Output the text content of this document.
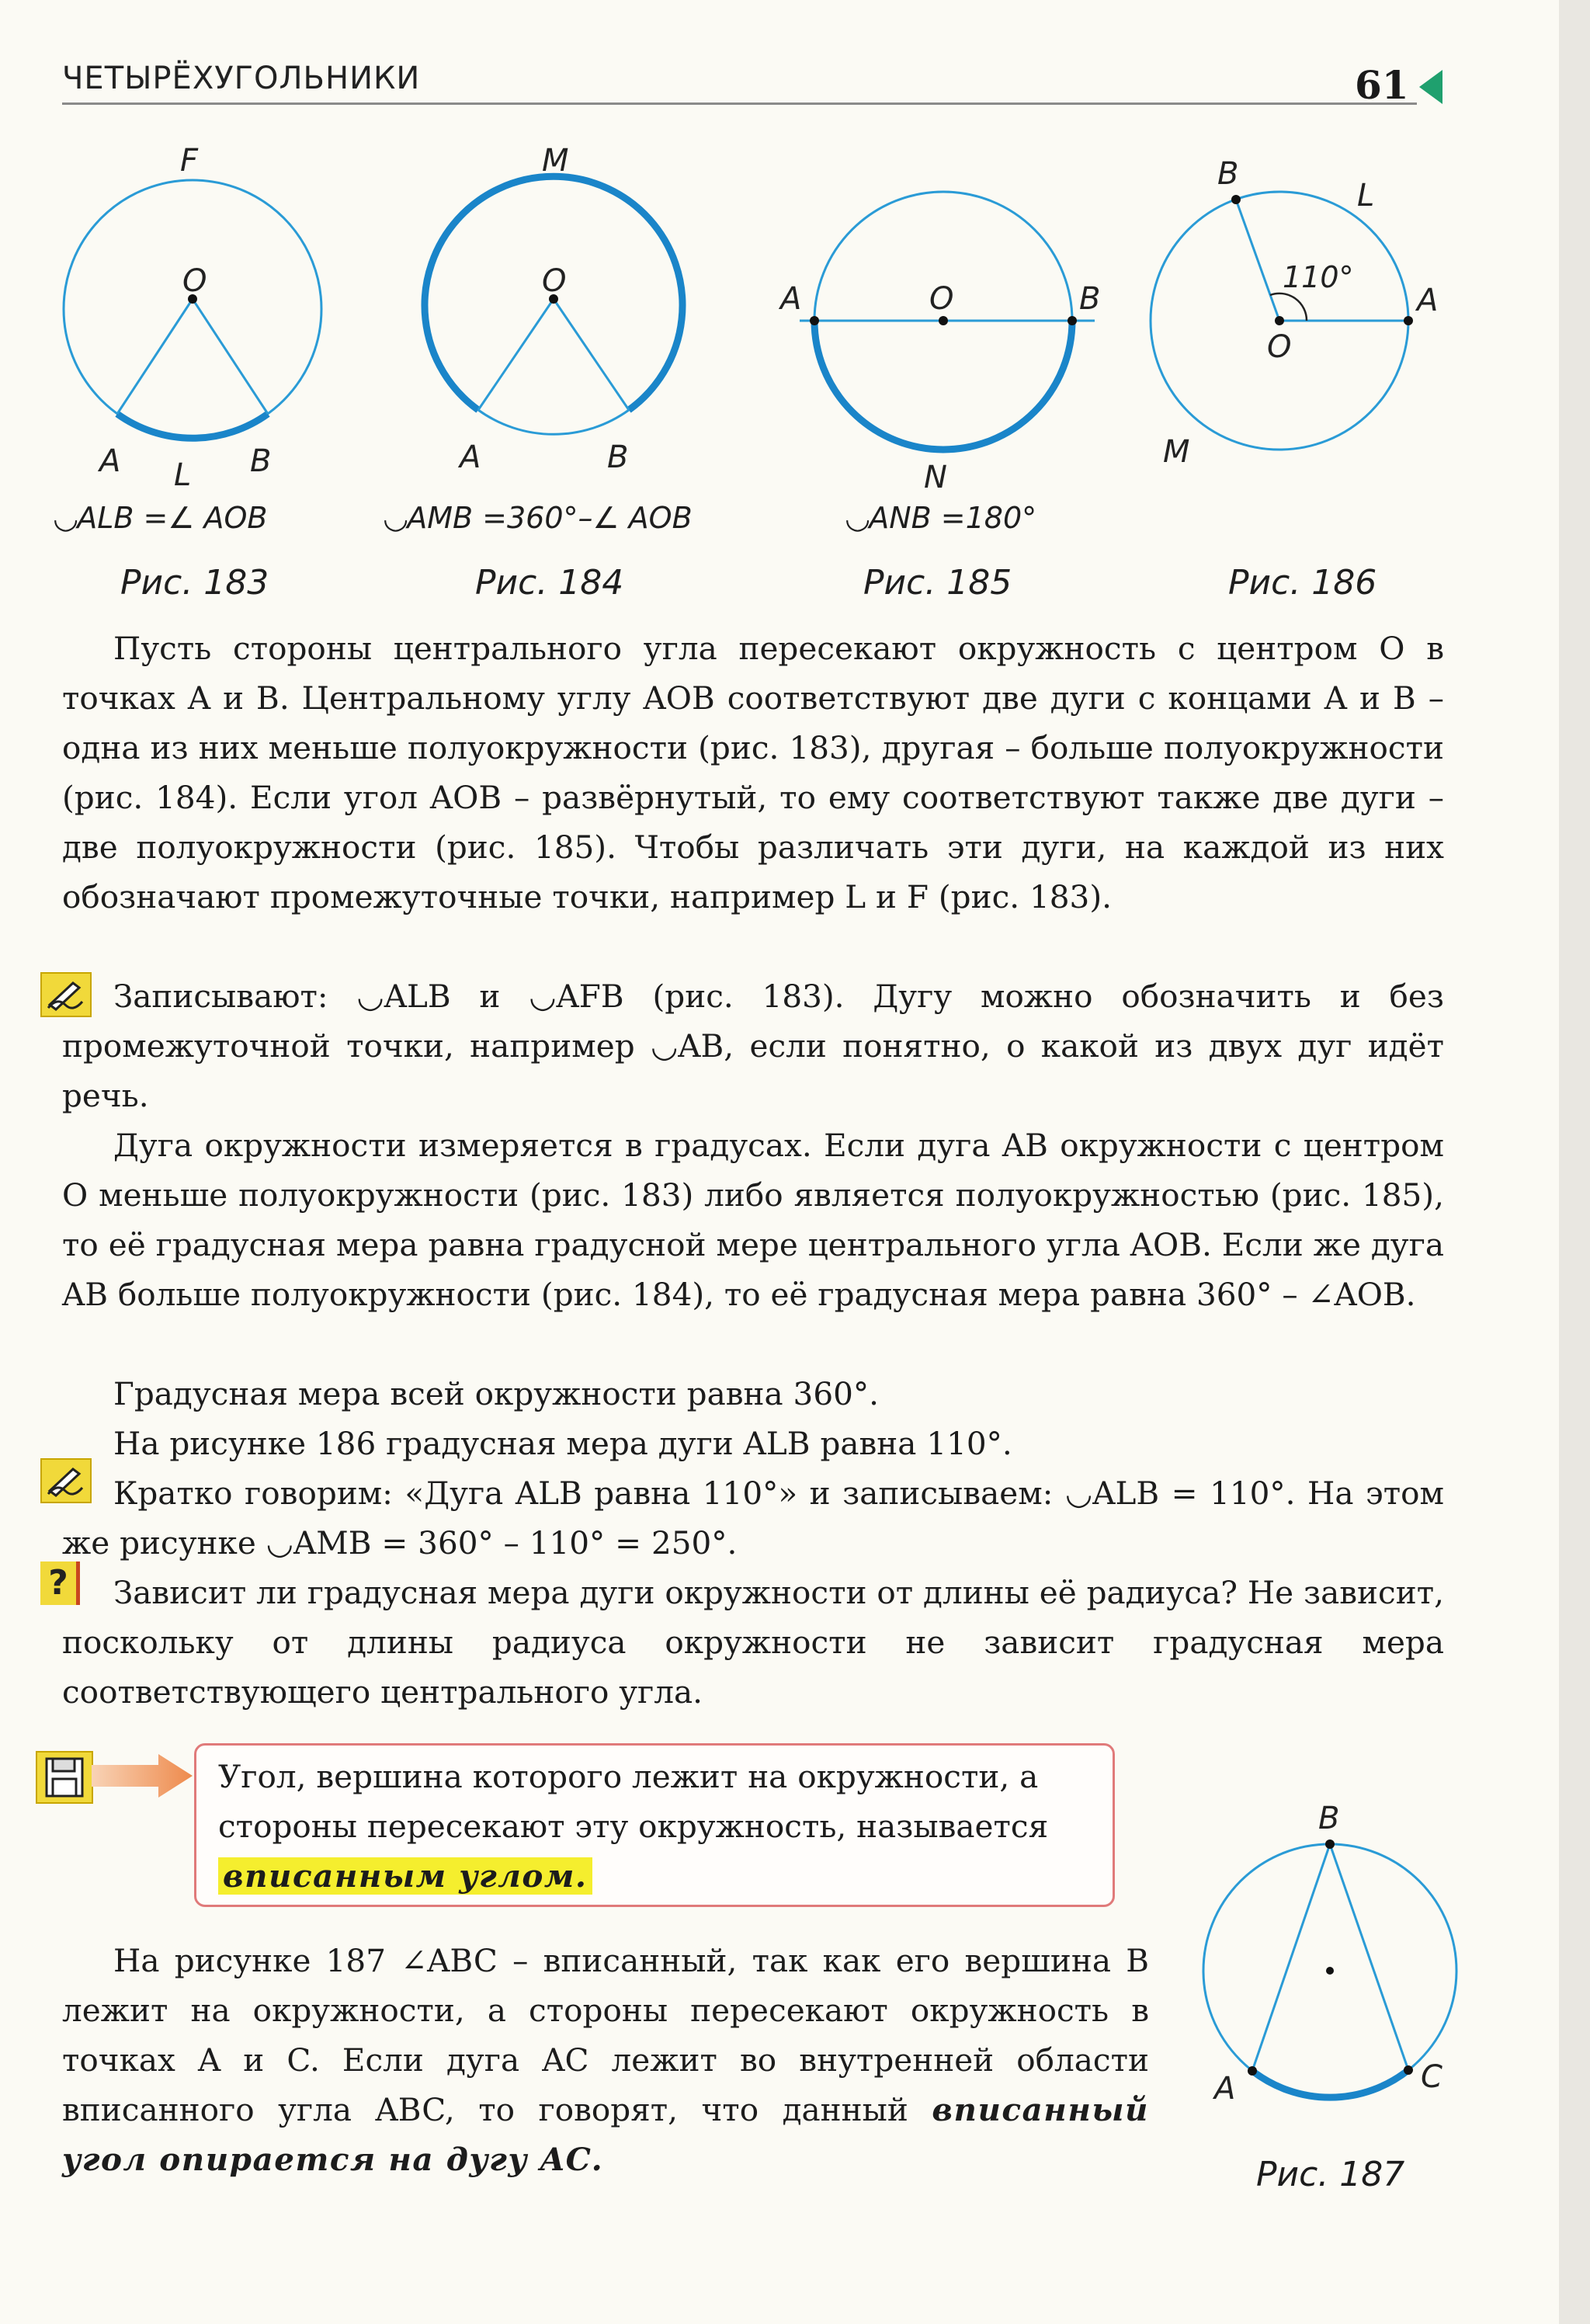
ЧЕТЫРЁХУГОЛЬНИКИ	61
F
O
A	B
L
◡ALB =∠ AOB
Рис. 183
M
O
A	B
◡AMB =360°–∠ AOB
Рис. 184
A	O	B
N
◡ANB =180°
Рис. 185
B
L
110°
A
O
M
Рис. 186

Пусть стороны центрального угла пересекают окружность с центром O в точках A и B. Центральному углу AOB соответствуют две дуги с концами A и B – одна из них меньше полуокружности (рис. 183), другая – больше полуокружности (рис. 184). Если угол AOB – развёрнутый, то ему соответствуют также две дуги – две полуокружности (рис. 185). Чтобы различать эти дуги, на каждой из них обозначают промежуточные точки, например L и F (рис. 183).

Записывают: ◡ALB и ◡AFB (рис. 183). Дугу можно обозначить и без промежуточной точки, например ◡AB, если понятно, о какой из двух дуг идёт речь.

Дуга окружности измеряется в градусах. Если дуга AB окружности с центром O меньше полуокружности (рис. 183) либо является полуокружностью (рис. 185), то её градусная мера равна градусной мере центрального угла AOB. Если же дуга AB больше полуокружности (рис. 184), то её градусная мера равна 360° – ∠AOB.

Градусная мера всей окружности равна 360°.

На рисунке 186 градусная мера дуги ALB равна 110°.

Кратко говорим: «Дуга ALB равна 110°» и записываем: ◡ALB = 110°. На этом же рисунке ◡AMB = 360° – 110° = 250°.

?	Зависит ли градусная мера дуги окружности от длины её радиуса? Не зависит, поскольку от длины радиуса окружности не зависит градусная мера соответствующего центрального угла.

Угол, вершина которого лежит на окружности, а стороны пересекают эту окружность, называется вписанным углом.

На рисунке 187 ∠ABC – вписанный, так как его вершина B лежит на окружности, а стороны пересекают окружность в точках A и C. Если дуга AC лежит во внутренней области вписанного угла ABC, то говорят, что данный вписанный угол опирается на дугу AC.

B
A	C
Рис. 187
